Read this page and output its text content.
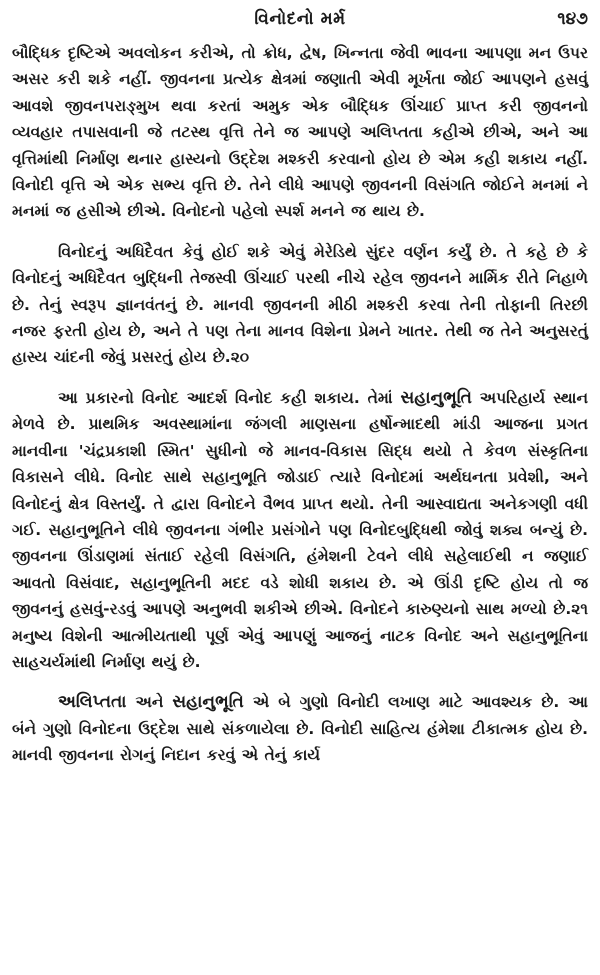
વિનોદનો મર્મ	૧૪૭

બૌદ્ધિક દૃષ્ટિએ અવલોકન કરીએ, તો ક્રોધ, દ્વેષ, ખિન્નતા જેવી ભાવના આપણા મન ઉપર અસર કરી શકે નહીં. જીવનના પ્રત્યેક ક્ષેત્રમાં જણાતી એવી મૂર્ખતા જોઈ આપણને હસવું આવશે જીવનપરાઙ્મુખ થવા કરતાં અમુક એક બૌદ્ધિક ઊંચાઈ પ્રાપ્ત કરી જીવનનો વ્યવહાર તપાસવાની જે તટસ્થ વૃત્તિ તેને જ આપણે અલિપ્તતા કહીએ છીએ, અને આ વૃત્તિમાંથી નિર્માણ થનાર હાસ્યનો ઉદ્દેશ મશ્કરી કરવાનો હોય છે એમ કહી શકાય નહીં. વિનોદી વૃત્તિ એ એક સભ્ય વૃત્તિ છે. તેને લીધે આપણે જીવનની વિસંગતિ જોઈને મનમાં ને મનમાં જ હસીએ છીએ. વિનોદનો પહેલો સ્પર્શ મનને જ થાય છે.

વિનોદનું અધિદૈવત કેવું હોઈ શકે એવું મેરેડિથે સુંદર વર્ણન કર્યું છે. તે કહે છે કે વિનોદનું અધિદૈવત બુદ્ધિની તેજસ્વી ઊંચાઈ પરથી નીચે રહેલ જીવનને માર્મિક રીતે નિહાળે છે. તેનું સ્વરૂપ જ્ઞાનવંતનું છે. માનવી જીવનની મીઠી મશ્કરી કરવા તેની તોફાની તિરછી નજર ફરતી હોય છે, અને તે પણ તેના માનવ વિશેના પ્રેમને ખાતર. તેથી જ તેને અનુસરતું હાસ્ય ચાંદની જેવું પ્રસરતું હોય છે.૨૦

આ પ્રકારનો વિનોદ આદર્શ વિનોદ કહી શકાય. તેમાં સહાનુભૂતિ અપરિહાર્ય સ્થાન મેળવે છે. પ્રાથમિક અવસ્થામાંના જંગલી માણસના હર્ષોન્માદથી માંડી આજના પ્રગત માનવીના 'ચંદ્રપ્રકાશી સ્મિત' સુધીનો જે માનવ-વિકાસ સિદ્ધ થયો તે કેવળ સંસ્કૃતિના વિકાસને લીધે. વિનોદ સાથે સહાનુભૂતિ જોડાઈ ત્યારે વિનોદમાં અર્થઘનતા પ્રવેશી, અને વિનોદનું ક્ષેત્ર વિસ્તર્યું. તે દ્વારા વિનોદને વૈભવ પ્રાપ્ત થયો. તેની આસ્વાદ્યતા અનેકગણી વધી ગઈ. સહાનુભૂતિને લીધે જીવનના ગંભીર પ્રસંગોને પણ વિનોદબુદ્ધિથી જોવું શક્ય બન્યું છે. જીવનના ઊંડાણમાં સંતાઈ રહેલી વિસંગતિ, હંમેશની ટેવને લીધે સહેલાઈથી ન જણાઈ આવતો વિસંવાદ, સહાનુભૂતિની મદદ વડે શોધી શકાય છે. એ ઊંડી દૃષ્ટિ હોય તો જ જીવનનું હસવું-રડવું આપણે અનુભવી શકીએ છીએ. વિનોદને કારુણ્યનો સાથ મળ્યો છે.૨૧ મનુષ્ય વિશેની આત્મીયતાથી પૂર્ણ એવું આપણું આજનું નાટક વિનોદ અને સહાનુભૂતિના સાહચર્યમાંથી નિર્માણ થયું છે.

અલિપ્તતા અને સહાનુભૂતિ એ બે ગુણો વિનોદી લખાણ માટે આવશ્યક છે. આ બંને ગુણો વિનોદના ઉદ્દેશ સાથે સંકળાયેલા છે. વિનોદી સાહિત્ય હંમેશા ટીકાત્મક હોય છે. માનવી જીવનના રોગનું નિદાન કરવું એ તેનું કાર્ય
